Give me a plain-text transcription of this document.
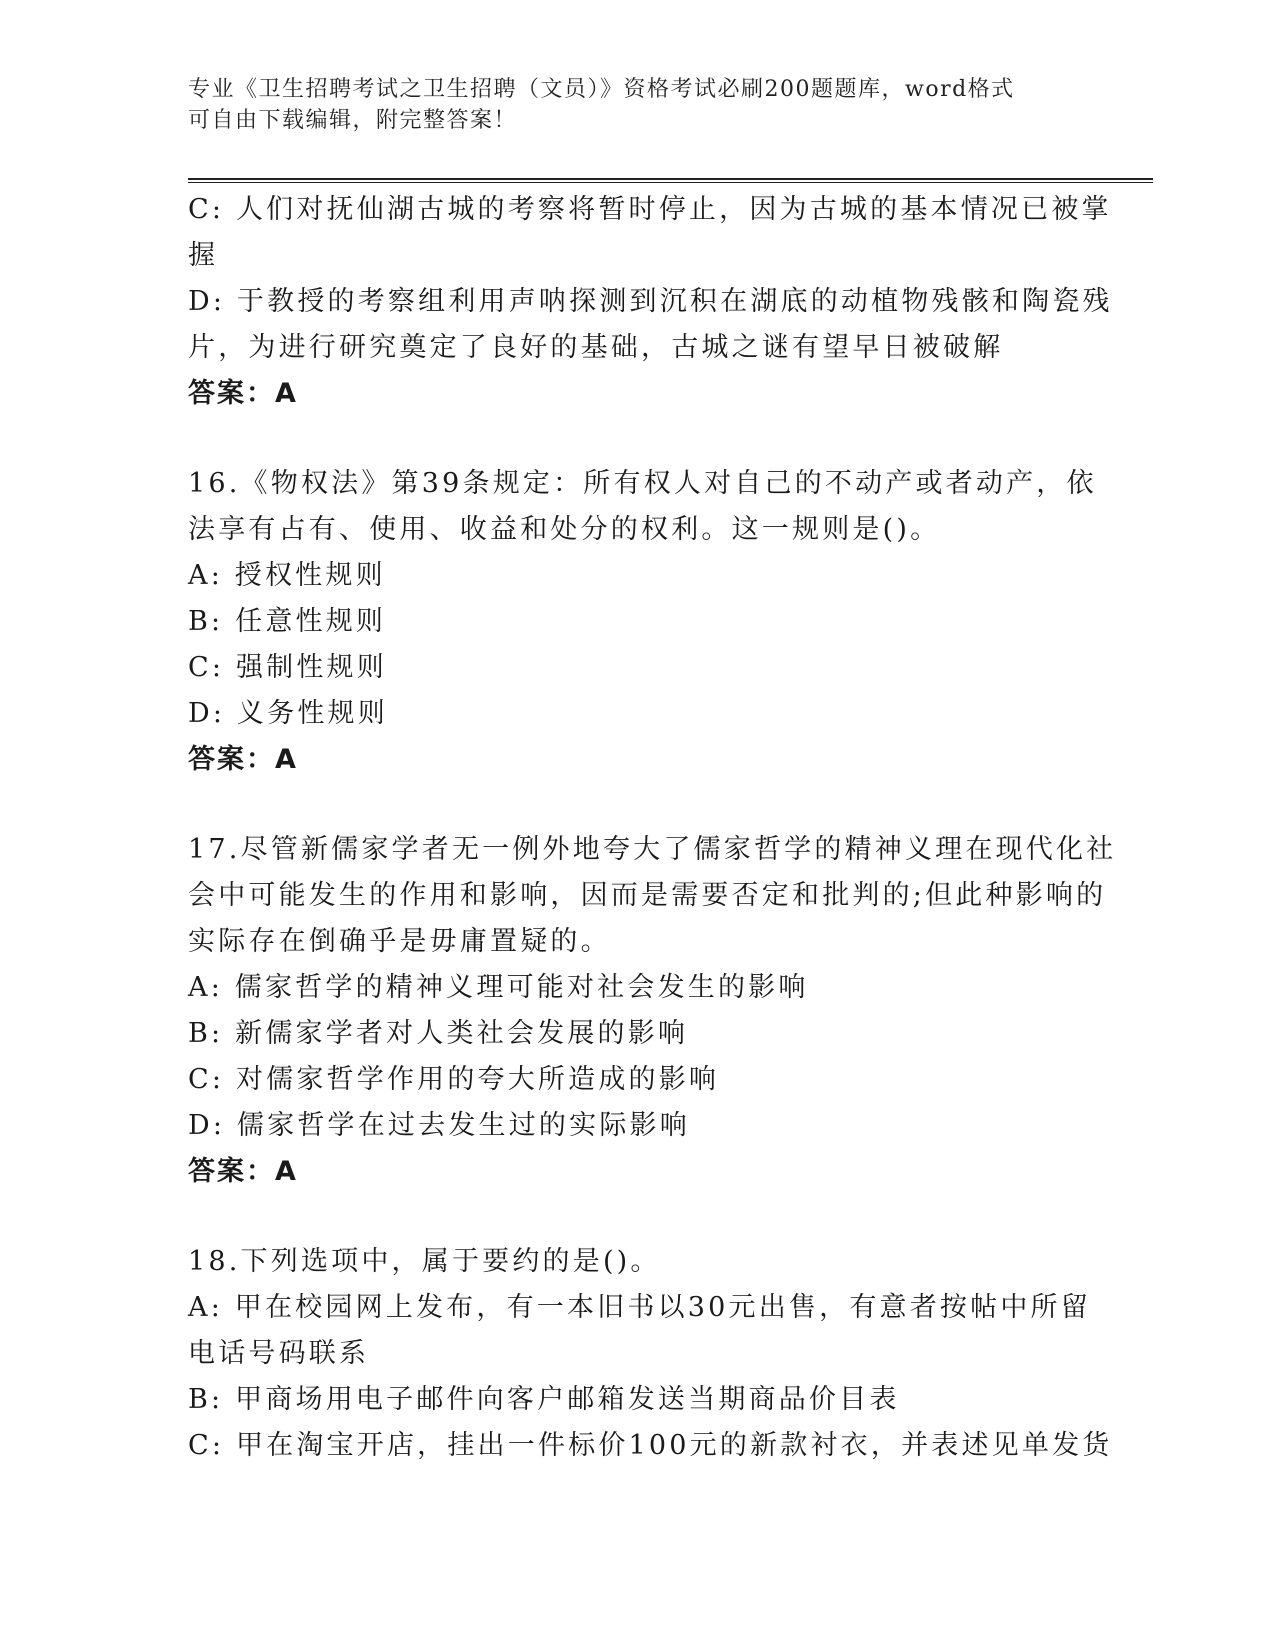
专业《卫生招聘考试之卫生招聘（文员）》资格考试必刷200题题库，word格式
可自由下载编辑，附完整答案！
C: 人们对抚仙湖古城的考察将暂时停止，因为古城的基本情况已被掌
握
D: 于教授的考察组利用声呐探测到沉积在湖底的动植物残骸和陶瓷残
片，为进行研究奠定了良好的基础，古城之谜有望早日被破解
答案：A
16.《物权法》第39条规定：所有权人对自己的不动产或者动产，依
法享有占有、使用、收益和处分的权利。这一规则是()。
A: 授权性规则
B: 任意性规则
C: 强制性规则
D: 义务性规则
答案：A
17.尽管新儒家学者无一例外地夸大了儒家哲学的精神义理在现代化社
会中可能发生的作用和影响，因而是需要否定和批判的;但此种影响的
实际存在倒确乎是毋庸置疑的。
A: 儒家哲学的精神义理可能对社会发生的影响
B: 新儒家学者对人类社会发展的影响
C: 对儒家哲学作用的夸大所造成的影响
D: 儒家哲学在过去发生过的实际影响
答案：A
18.下列选项中，属于要约的是()。
A: 甲在校园网上发布，有一本旧书以30元出售，有意者按帖中所留
电话号码联系
B: 甲商场用电子邮件向客户邮箱发送当期商品价目表
C: 甲在淘宝开店，挂出一件标价100元的新款衬衣，并表述见单发货
